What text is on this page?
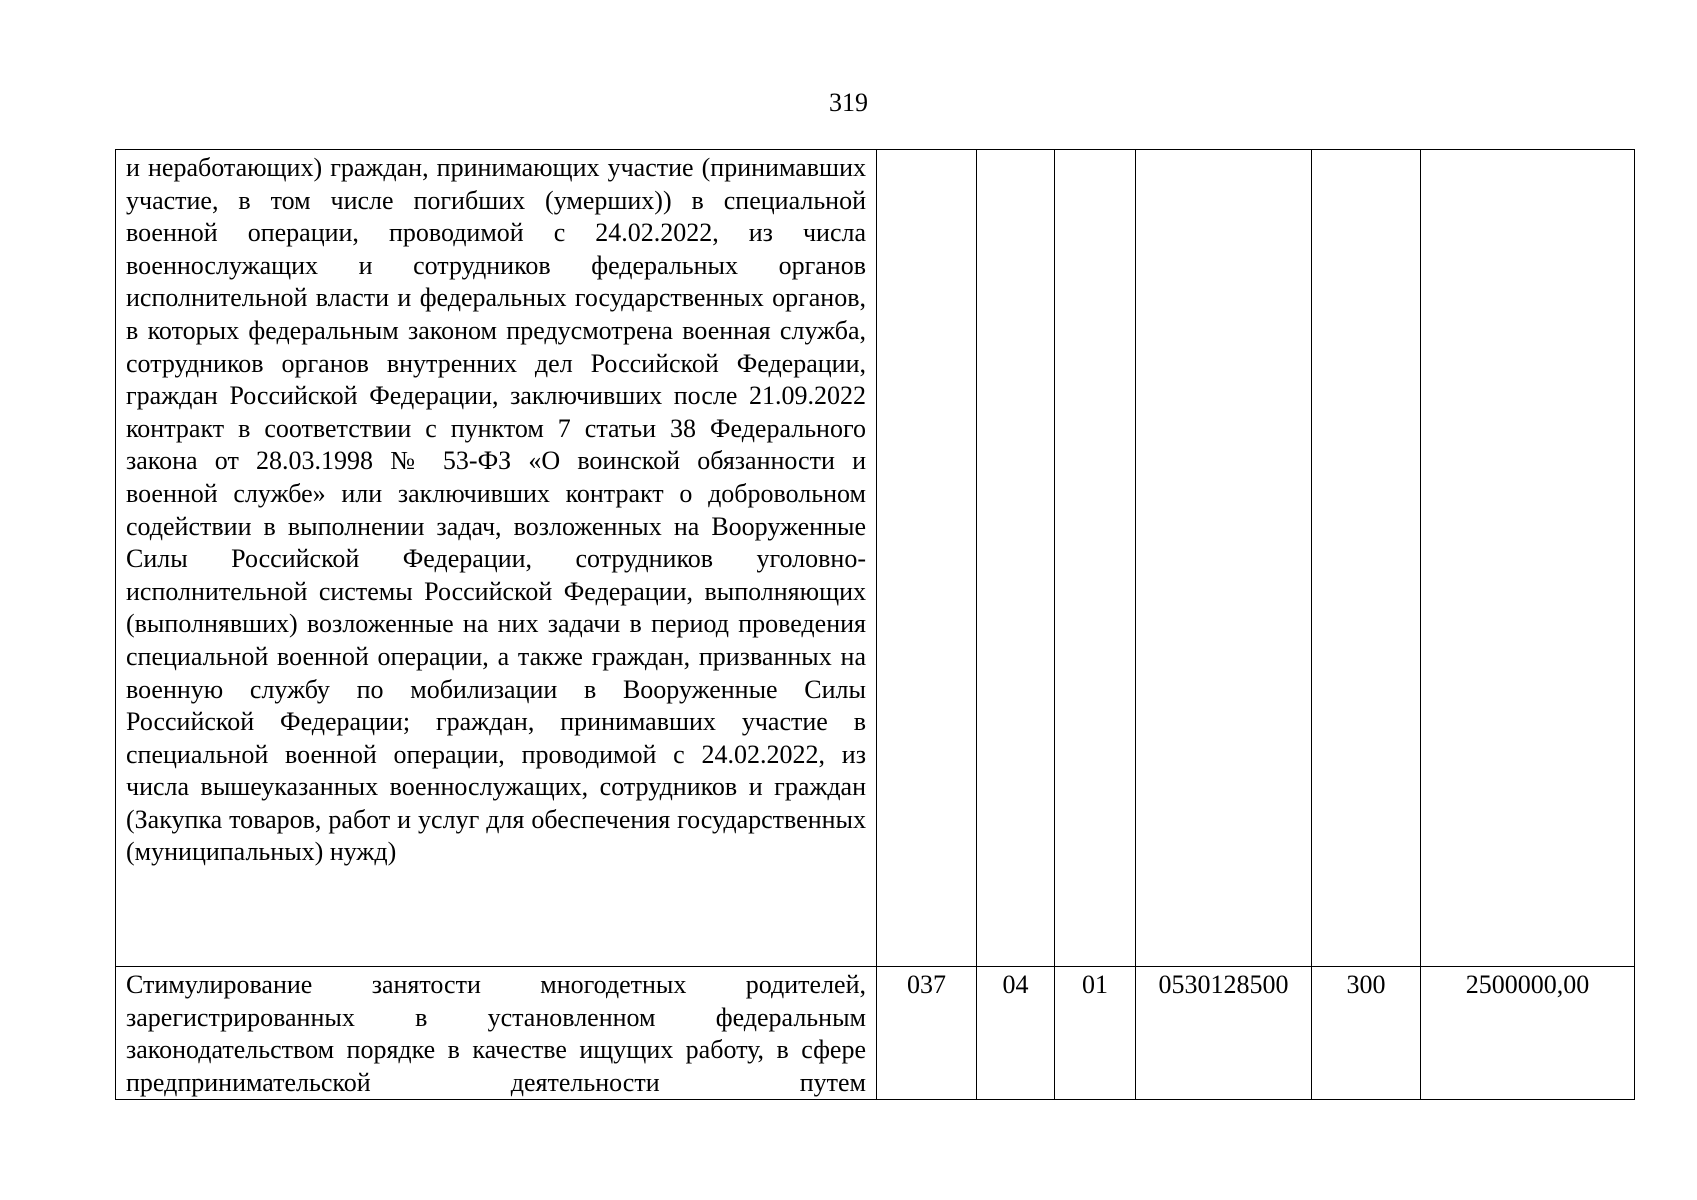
319
и неработающих) граждан, принимающих участие (принимавших участие, в том числе погибших (умерших)) в специальной военной операции, проводимой с 24.02.2022, из числа военнослужащих и сотрудников федеральных органов исполнительной власти и федеральных государственных органов, в которых федеральным законом предусмотрена военная служба, сотрудников органов внутренних дел Российской Федерации, граждан Российской Федерации, заключивших после 21.09.2022 контракт в соответствии с пунктом 7 статьи 38 Федерального закона от 28.03.1998 № 53-ФЗ «О воинской обязанности и военной службе» или заключивших контракт о добровольном содействии в выполнении задач, возложенных на Вооруженные Силы Российской Федерации, сотрудников уголовно-исполнительной системы Российской Федерации, выполняющих (выполнявших) возложенные на них задачи в период проведения специальной военной операции, а также граждан, призванных на военную службу по мобилизации в Вооруженные Силы Российской Федерации; граждан, принимавших участие в специальной военной операции, проводимой с 24.02.2022, из числа вышеуказанных военнослужащих, сотрудников и граждан (Закупка товаров, работ и услуг для обеспечения государственных (муниципальных) нужд)						

Стимулирование занятости многодетных родителей, зарегистрированных в установленном федеральным законодательством порядке в качестве ищущих работу, в сфере предпринимательской деятельности путем	037	04	01	0530128500	300	2500000,00
